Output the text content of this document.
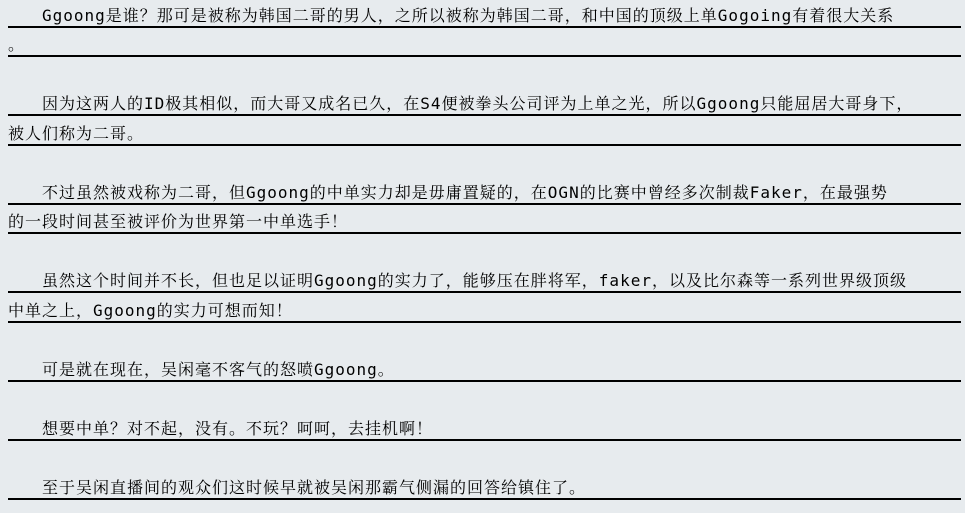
　　Ggoong是谁？那可是被称为韩国二哥的男人，之所以被称为韩国二哥，和中国的顶级上单Gogoing有着很大关系
。
　　因为这两人的ID极其相似，而大哥又成名已久，在S4便被拳头公司评为上单之光，所以Ggoong只能屈居大哥身下，
被人们称为二哥。
　　不过虽然被戏称为二哥，但Ggoong的中单实力却是毋庸置疑的，在OGN的比赛中曾经多次制裁Faker，在最强势
的一段时间甚至被评价为世界第一中单选手！
　　虽然这个时间并不长，但也足以证明Ggoong的实力了，能够压在胖将军，faker，以及比尔森等一系列世界级顶级
中单之上，Ggoong的实力可想而知！
　　可是就在现在，吴闲毫不客气的怒喷Ggoong。
　　想要中单？对不起，没有。不玩？呵呵，去挂机啊！
　　至于吴闲直播间的观众们这时候早就被吴闲那霸气侧漏的回答给镇住了。
